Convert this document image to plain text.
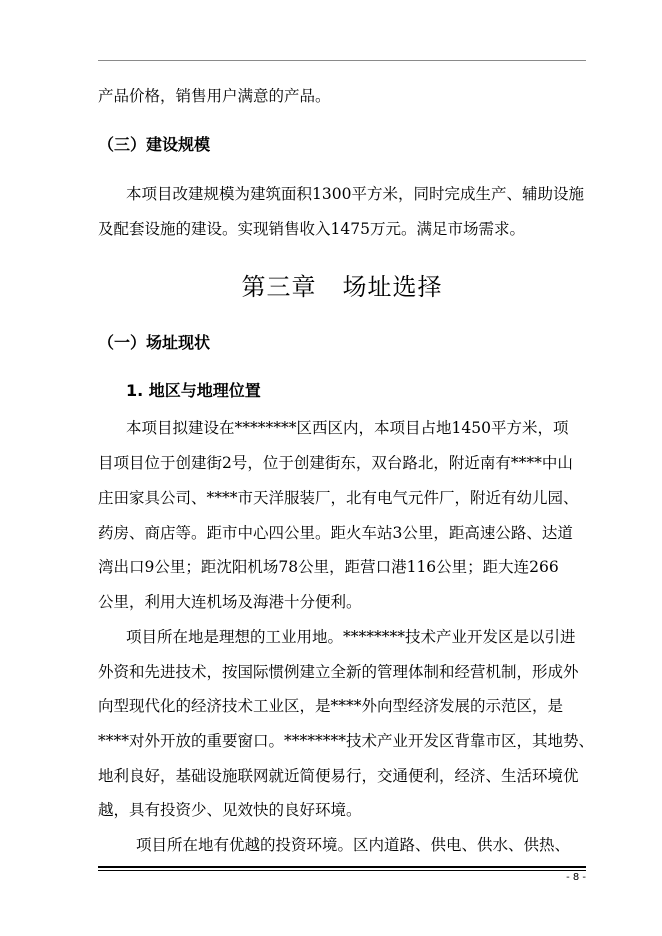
产品价格，销售用户满意的产品。
（三）建设规模
本项目改建规模为建筑面积1300平方米，同时完成生产、辅助设施
及配套设施的建设。实现销售收入1475万元。满足市场需求。
第三章 场址选择
（一）场址现状
1. 地区与地理位置
本项目拟建设在********区西区内，本项目占地1450平方米，项
目项目位于创建街2号，位于创建街东，双台路北，附近南有****中山
庄田家具公司、****市天洋服装厂，北有电气元件厂，附近有幼儿园、
药房、商店等。距市中心四公里。距火车站3公里，距高速公路、达道
湾出口9公里；距沈阳机场78公里，距营口港116公里；距大连266
公里，利用大连机场及海港十分便利。
项目所在地是理想的工业用地。********技术产业开发区是以引进
外资和先进技术，按国际惯例建立全新的管理体制和经营机制，形成外
向型现代化的经济技术工业区，是****外向型经济发展的示范区，是
****对外开放的重要窗口。********技术产业开发区背靠市区，其地势、
地利良好，基础设施联网就近简便易行，交通便利，经济、生活环境优
越，具有投资少、见效快的良好环境。
项目所在地有优越的投资环境。区内道路、供电、供水、供热、
- 8 -
